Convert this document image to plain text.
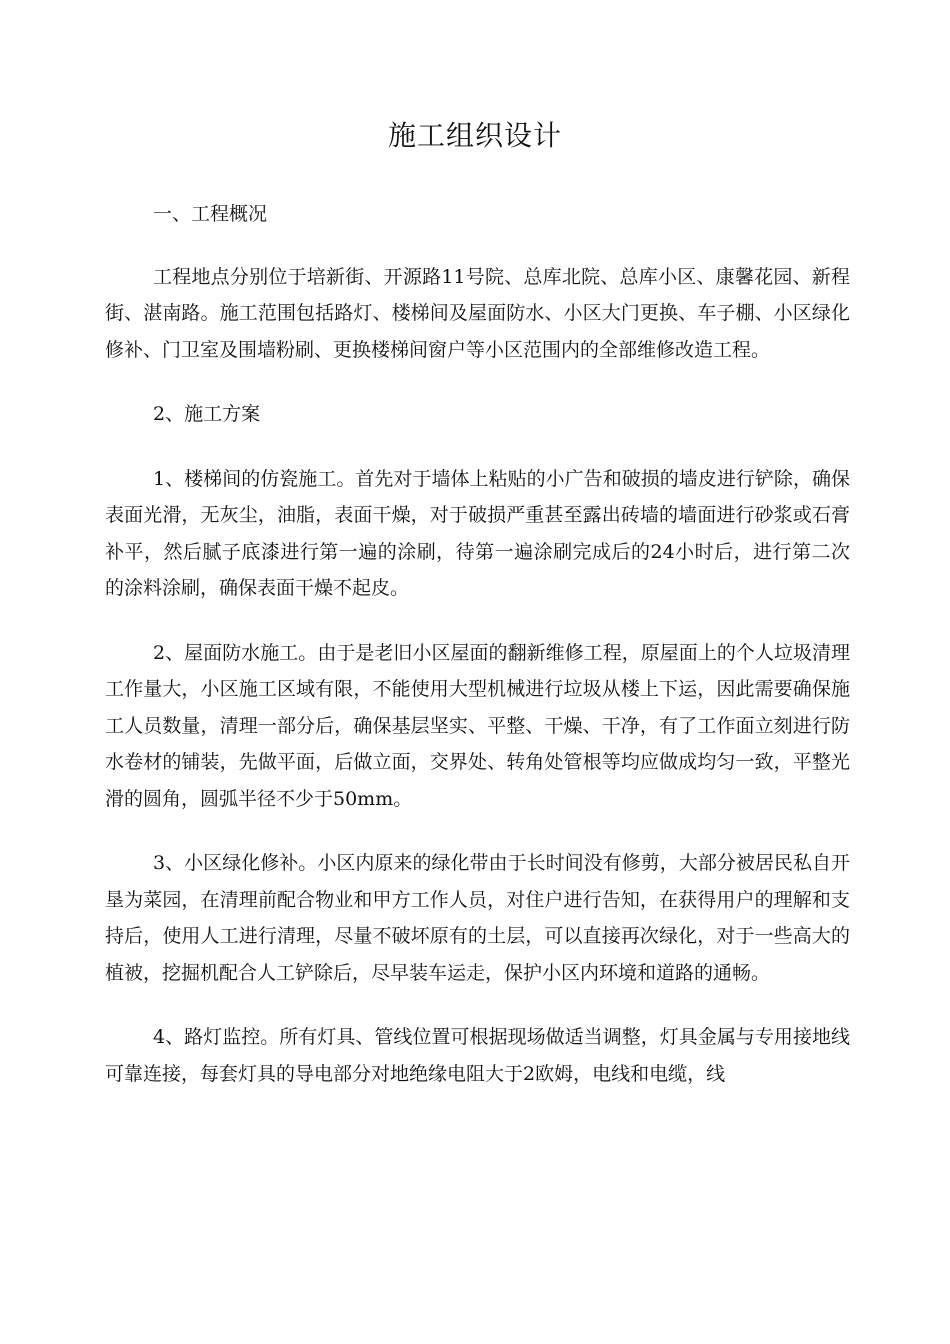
施工组织设计

一、工程概况

工程地点分别位于培新街、开源路11号院、总库北院、总库小区、康馨花园、新程街、湛南路。施工范围包括路灯、楼梯间及屋面防水、小区大门更换、车子棚、小区绿化修补、门卫室及围墙粉刷、更换楼梯间窗户等小区范围内的全部维修改造工程。

2、施工方案

1、楼梯间的仿瓷施工。首先对于墙体上粘贴的小广告和破损的墙皮进行铲除，确保表面光滑，无灰尘，油脂，表面干燥，对于破损严重甚至露出砖墙的墙面进行砂浆或石膏补平，然后腻子底漆进行第一遍的涂刷，待第一遍涂刷完成后的24小时后，进行第二次的涂料涂刷，确保表面干燥不起皮。

2、屋面防水施工。由于是老旧小区屋面的翻新维修工程，原屋面上的个人垃圾清理工作量大，小区施工区域有限，不能使用大型机械进行垃圾从楼上下运，因此需要确保施工人员数量，清理一部分后，确保基层坚实、平整、干燥、干净，有了工作面立刻进行防水卷材的铺装，先做平面，后做立面，交界处、转角处管根等均应做成均匀一致，平整光滑的圆角，圆弧半径不少于50mm。

3、小区绿化修补。小区内原来的绿化带由于长时间没有修剪，大部分被居民私自开垦为菜园，在清理前配合物业和甲方工作人员，对住户进行告知，在获得用户的理解和支持后，使用人工进行清理，尽量不破坏原有的土层，可以直接再次绿化，对于一些高大的植被，挖掘机配合人工铲除后，尽早装车运走，保护小区内环境和道路的通畅。

4、路灯监控。所有灯具、管线位置可根据现场做适当调整，灯具金属与专用接地线可靠连接，每套灯具的导电部分对地绝缘电阻大于2欧姆，电线和电缆，线
